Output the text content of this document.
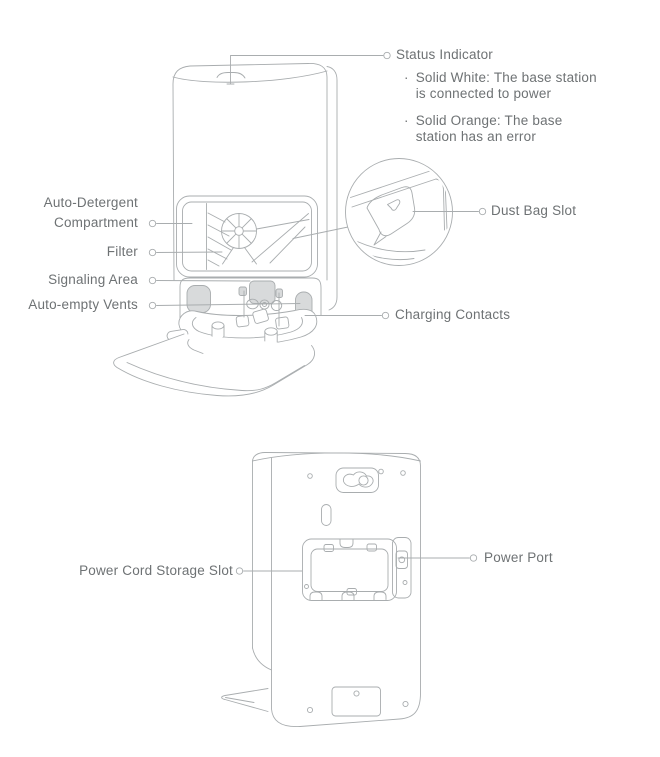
Status Indicator
· Solid White: The base station
is connected to power
· Solid Orange: The base
station has an error
Auto-Detergent
Compartment
Filter
Signaling Area
Auto-empty Vents
Dust Bag Slot
Charging Contacts
Power Cord Storage Slot
Power Port
